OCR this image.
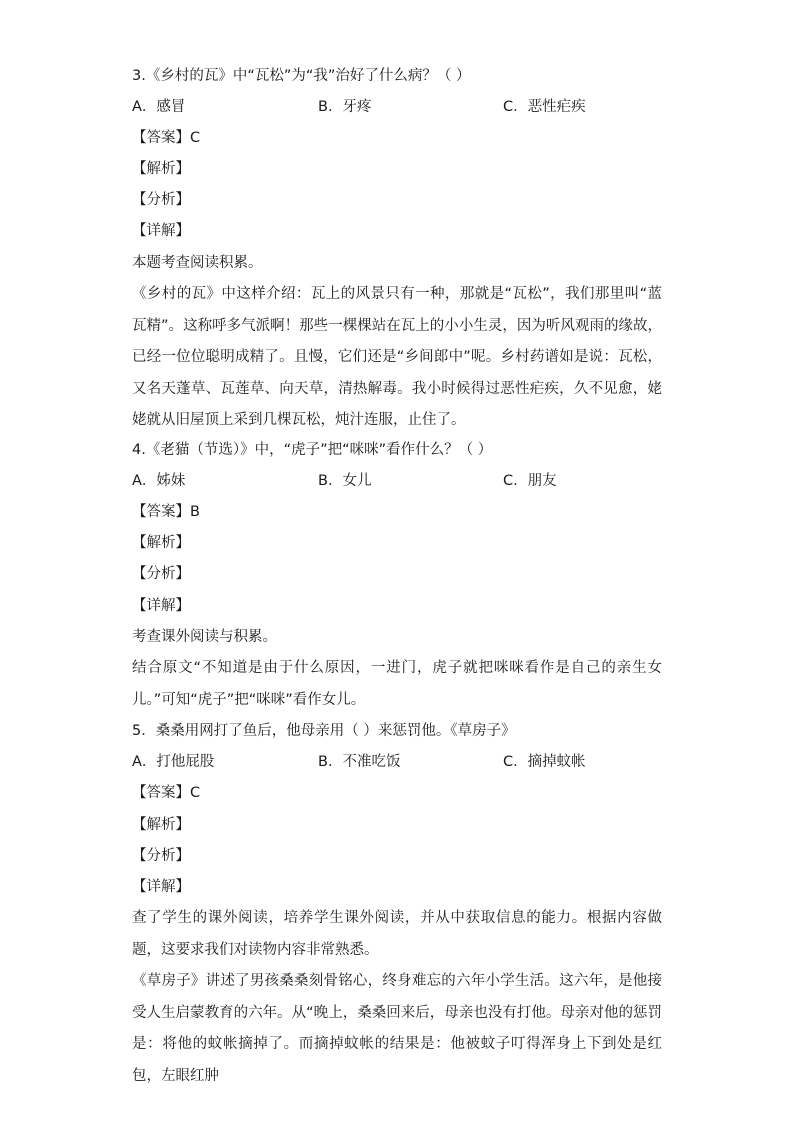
3.《乡村的瓦》中“瓦松”为“我”治好了什么病？（ ）
A．感冒	B．牙疼	C．恶性疟疾
【答案】C
【解析】
【分析】
【详解】
本题考查阅读积累。
《乡村的瓦》中这样介绍：瓦上的风景只有一种，那就是“瓦松”，我们那里叫“蓝瓦精”。这称呼多气派啊！那些一棵棵站在瓦上的小小生灵，因为听风观雨的缘故，已经一位位聪明成精了。且慢，它们还是“乡间郎中”呢。乡村药谱如是说：瓦松，又名天蓬草、瓦莲草、向天草，清热解毒。我小时候得过恶性疟疾，久不见愈，姥姥就从旧屋顶上采到几棵瓦松，炖汁连服，止住了。
4.《老猫（节选）》中，“虎子”把“咪咪”看作什么？（ ）
A．姊妹	B．女儿	C．朋友
【答案】B
【解析】
【分析】
【详解】
考查课外阅读与积累。
结合原文“不知道是由于什么原因，一进门，虎子就把咪咪看作是自己的亲生女儿。”可知“虎子”把“咪咪”看作女儿。
5．桑桑用网打了鱼后，他母亲用（ ）来惩罚他。《草房子》
A．打他屁股	B．不准吃饭	C．摘掉蚊帐
【答案】C
【解析】
【分析】
【详解】
查了学生的课外阅读，培养学生课外阅读，并从中获取信息的能力。根据内容做题，这要求我们对读物内容非常熟悉。
《草房子》讲述了男孩桑桑刻骨铭心，终身难忘的六年小学生活。这六年，是他接受人生启蒙教育的六年。从“晚上，桑桑回来后，母亲也没有打他。母亲对他的惩罚是：将他的蚊帐摘掉了。而摘掉蚊帐的结果是：他被蚊子叮得浑身上下到处是红包，左眼红肿
